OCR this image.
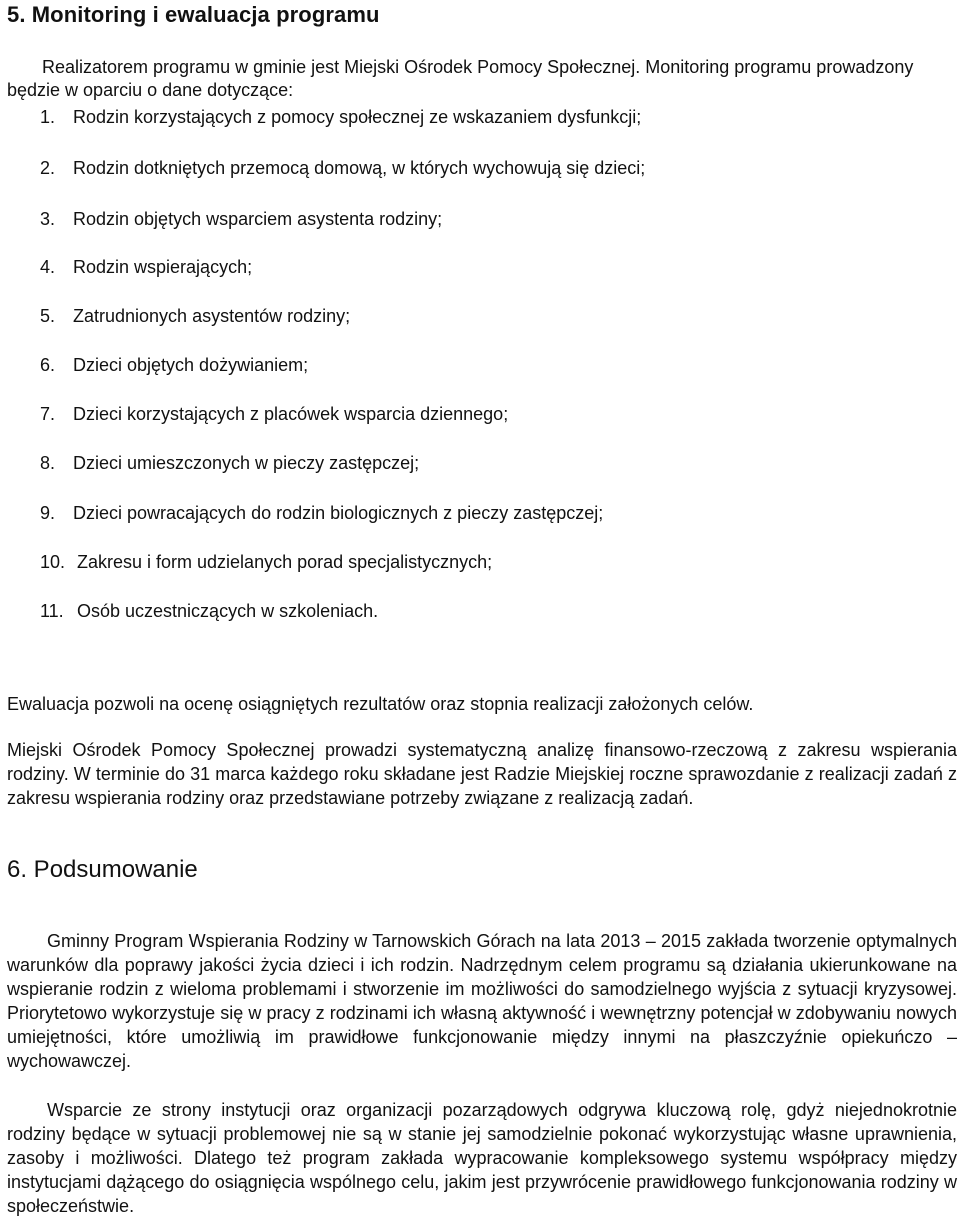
5. Monitoring i ewaluacja programu

Realizatorem programu w gminie jest Miejski Ośrodek Pomocy Społecznej. Monitoring programu prowadzony będzie w oparciu o dane dotyczące:

1. Rodzin korzystających z pomocy społecznej ze wskazaniem dysfunkcji;
2. Rodzin dotkniętych przemocą domową, w których wychowują się dzieci;
3. Rodzin objętych wsparciem asystenta rodziny;
4. Rodzin wspierających;
5. Zatrudnionych asystentów rodziny;
6. Dzieci objętych dożywianiem;
7. Dzieci korzystających z placówek wsparcia dziennego;
8. Dzieci umieszczonych w pieczy zastępczej;
9. Dzieci powracających do rodzin biologicznych z pieczy zastępczej;
10. Zakresu i form udzielanych porad specjalistycznych;
11. Osób uczestniczących w szkoleniach.

Ewaluacja pozwoli na ocenę osiągniętych rezultatów oraz stopnia realizacji założonych celów.

Miejski Ośrodek Pomocy Społecznej prowadzi systematyczną analizę finansowo-rzeczową z zakresu wspierania rodziny. W terminie do 31 marca każdego roku składane jest Radzie Miejskiej roczne sprawozdanie z realizacji zadań z zakresu wspierania rodziny oraz przedstawiane potrzeby związane z realizacją zadań.

6. Podsumowanie

Gminny Program Wspierania Rodziny w Tarnowskich Górach na lata 2013 – 2015 zakłada tworzenie optymalnych warunków dla poprawy jakości życia dzieci i ich rodzin. Nadrzędnym celem programu są działania ukierunkowane na wspieranie rodzin z wieloma problemami i stworzenie im możliwości do samodzielnego wyjścia z sytuacji kryzysowej. Priorytetowo wykorzystuje się w pracy z rodzinami ich własną aktywność i wewnętrzny potencjał w zdobywaniu nowych umiejętności, które umożliwią im prawidłowe funkcjonowanie między innymi na płaszczyźnie opiekuńczo – wychowawczej.

Wsparcie ze strony instytucji oraz organizacji pozarządowych odgrywa kluczową rolę, gdyż niejednokrotnie rodziny będące w sytuacji problemowej nie są w stanie jej samodzielnie pokonać wykorzystując własne uprawnienia, zasoby i możliwości. Dlatego też program zakłada wypracowanie kompleksowego systemu współpracy między instytucjami dążącego do osiągnięcia wspólnego celu, jakim jest przywrócenie prawidłowego funkcjonowania rodziny w społeczeństwie.
